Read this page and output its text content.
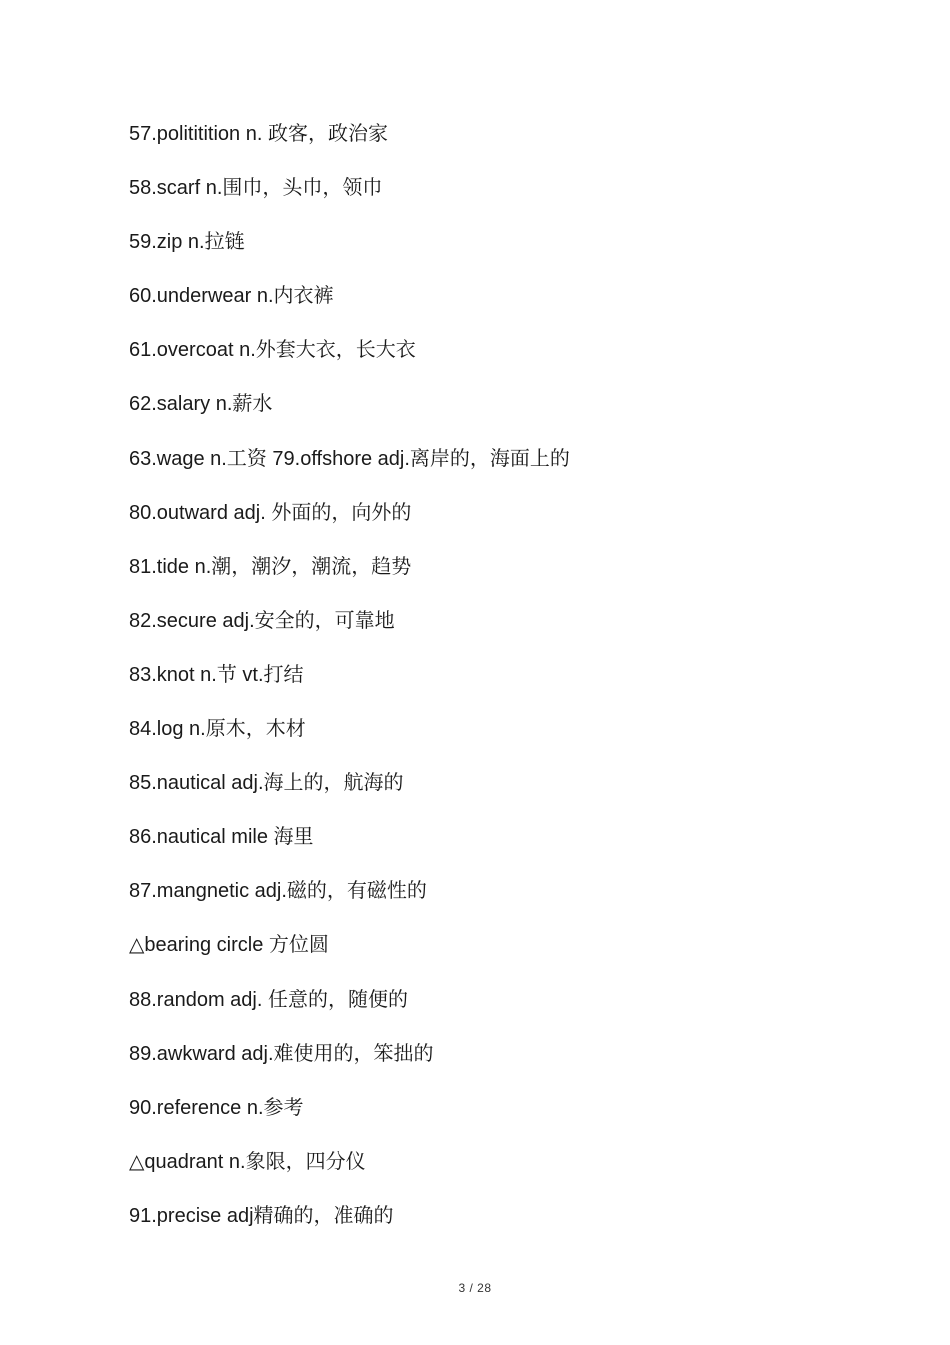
57.polititition n. 政客，政治家
58.scarf n.围巾，头巾，领巾
59.zip n.拉链
60.underwear n.内衣裤
61.overcoat n.外套大衣，长大衣
62.salary n.薪水
63.wage n.工资 79.offshore adj.离岸的，海面上的
80.outward adj. 外面的，向外的
81.tide n.潮，潮汐，潮流，趋势
82.secure adj.安全的，可靠地
83.knot n.节 vt.打结
84.log n.原木，木材
85.nautical adj.海上的，航海的
86.nautical mile 海里
87.mangnetic adj.磁的，有磁性的
△bearing circle 方位圆
88.random adj. 任意的，随便的
89.awkward adj.难使用的，笨拙的
90.reference n.参考
△quadrant n.象限，四分仪
91.precise adj精确的，准确的
3 / 28
